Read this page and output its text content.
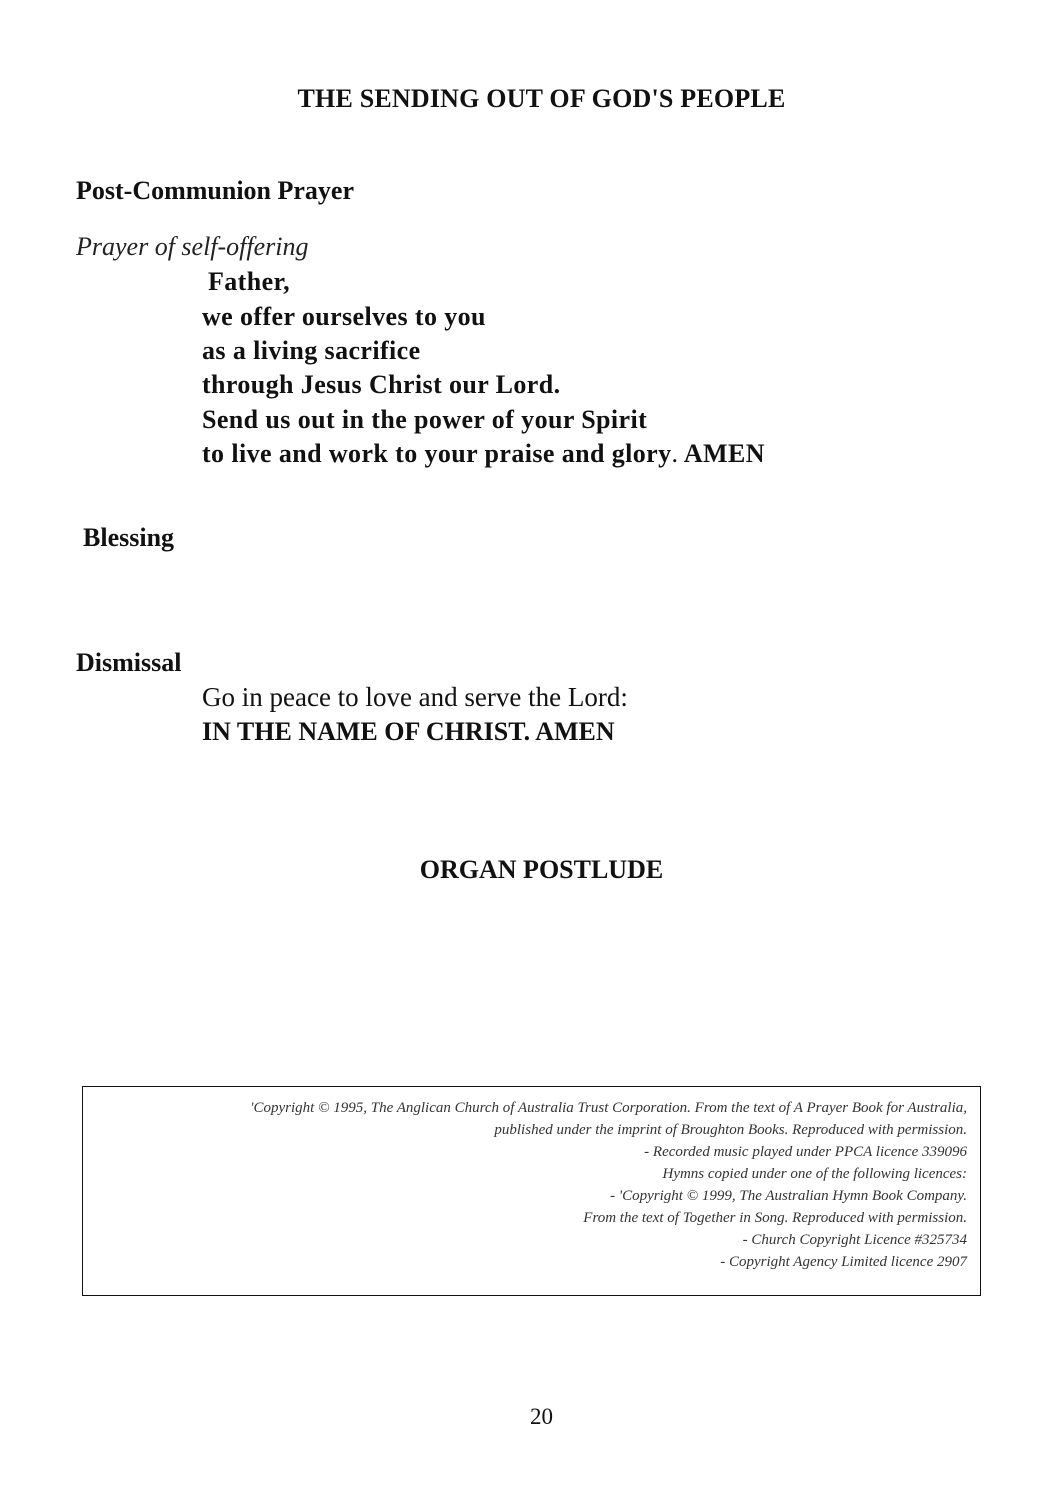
THE SENDING OUT OF GOD'S PEOPLE
Post-Communion Prayer
Prayer of self-offering
Father,
we offer ourselves to you
as a living sacrifice
through Jesus Christ our Lord.
Send us out in the power of your Spirit
to live and work to your praise and glory. AMEN
Blessing
Dismissal
Go in peace to love and serve the Lord:
IN THE NAME OF CHRIST. AMEN
ORGAN POSTLUDE
'Copyright © 1995, The Anglican Church of Australia Trust Corporation. From the text of A Prayer Book for Australia,
published under the imprint of Broughton Books. Reproduced with permission.
- Recorded music played under PPCA licence 339096
Hymns copied under one of the following licences:
- 'Copyright © 1999, The Australian Hymn Book Company.
From the text of Together in Song. Reproduced with permission.
- Church Copyright Licence #325734
- Copyright Agency Limited licence 2907
20
